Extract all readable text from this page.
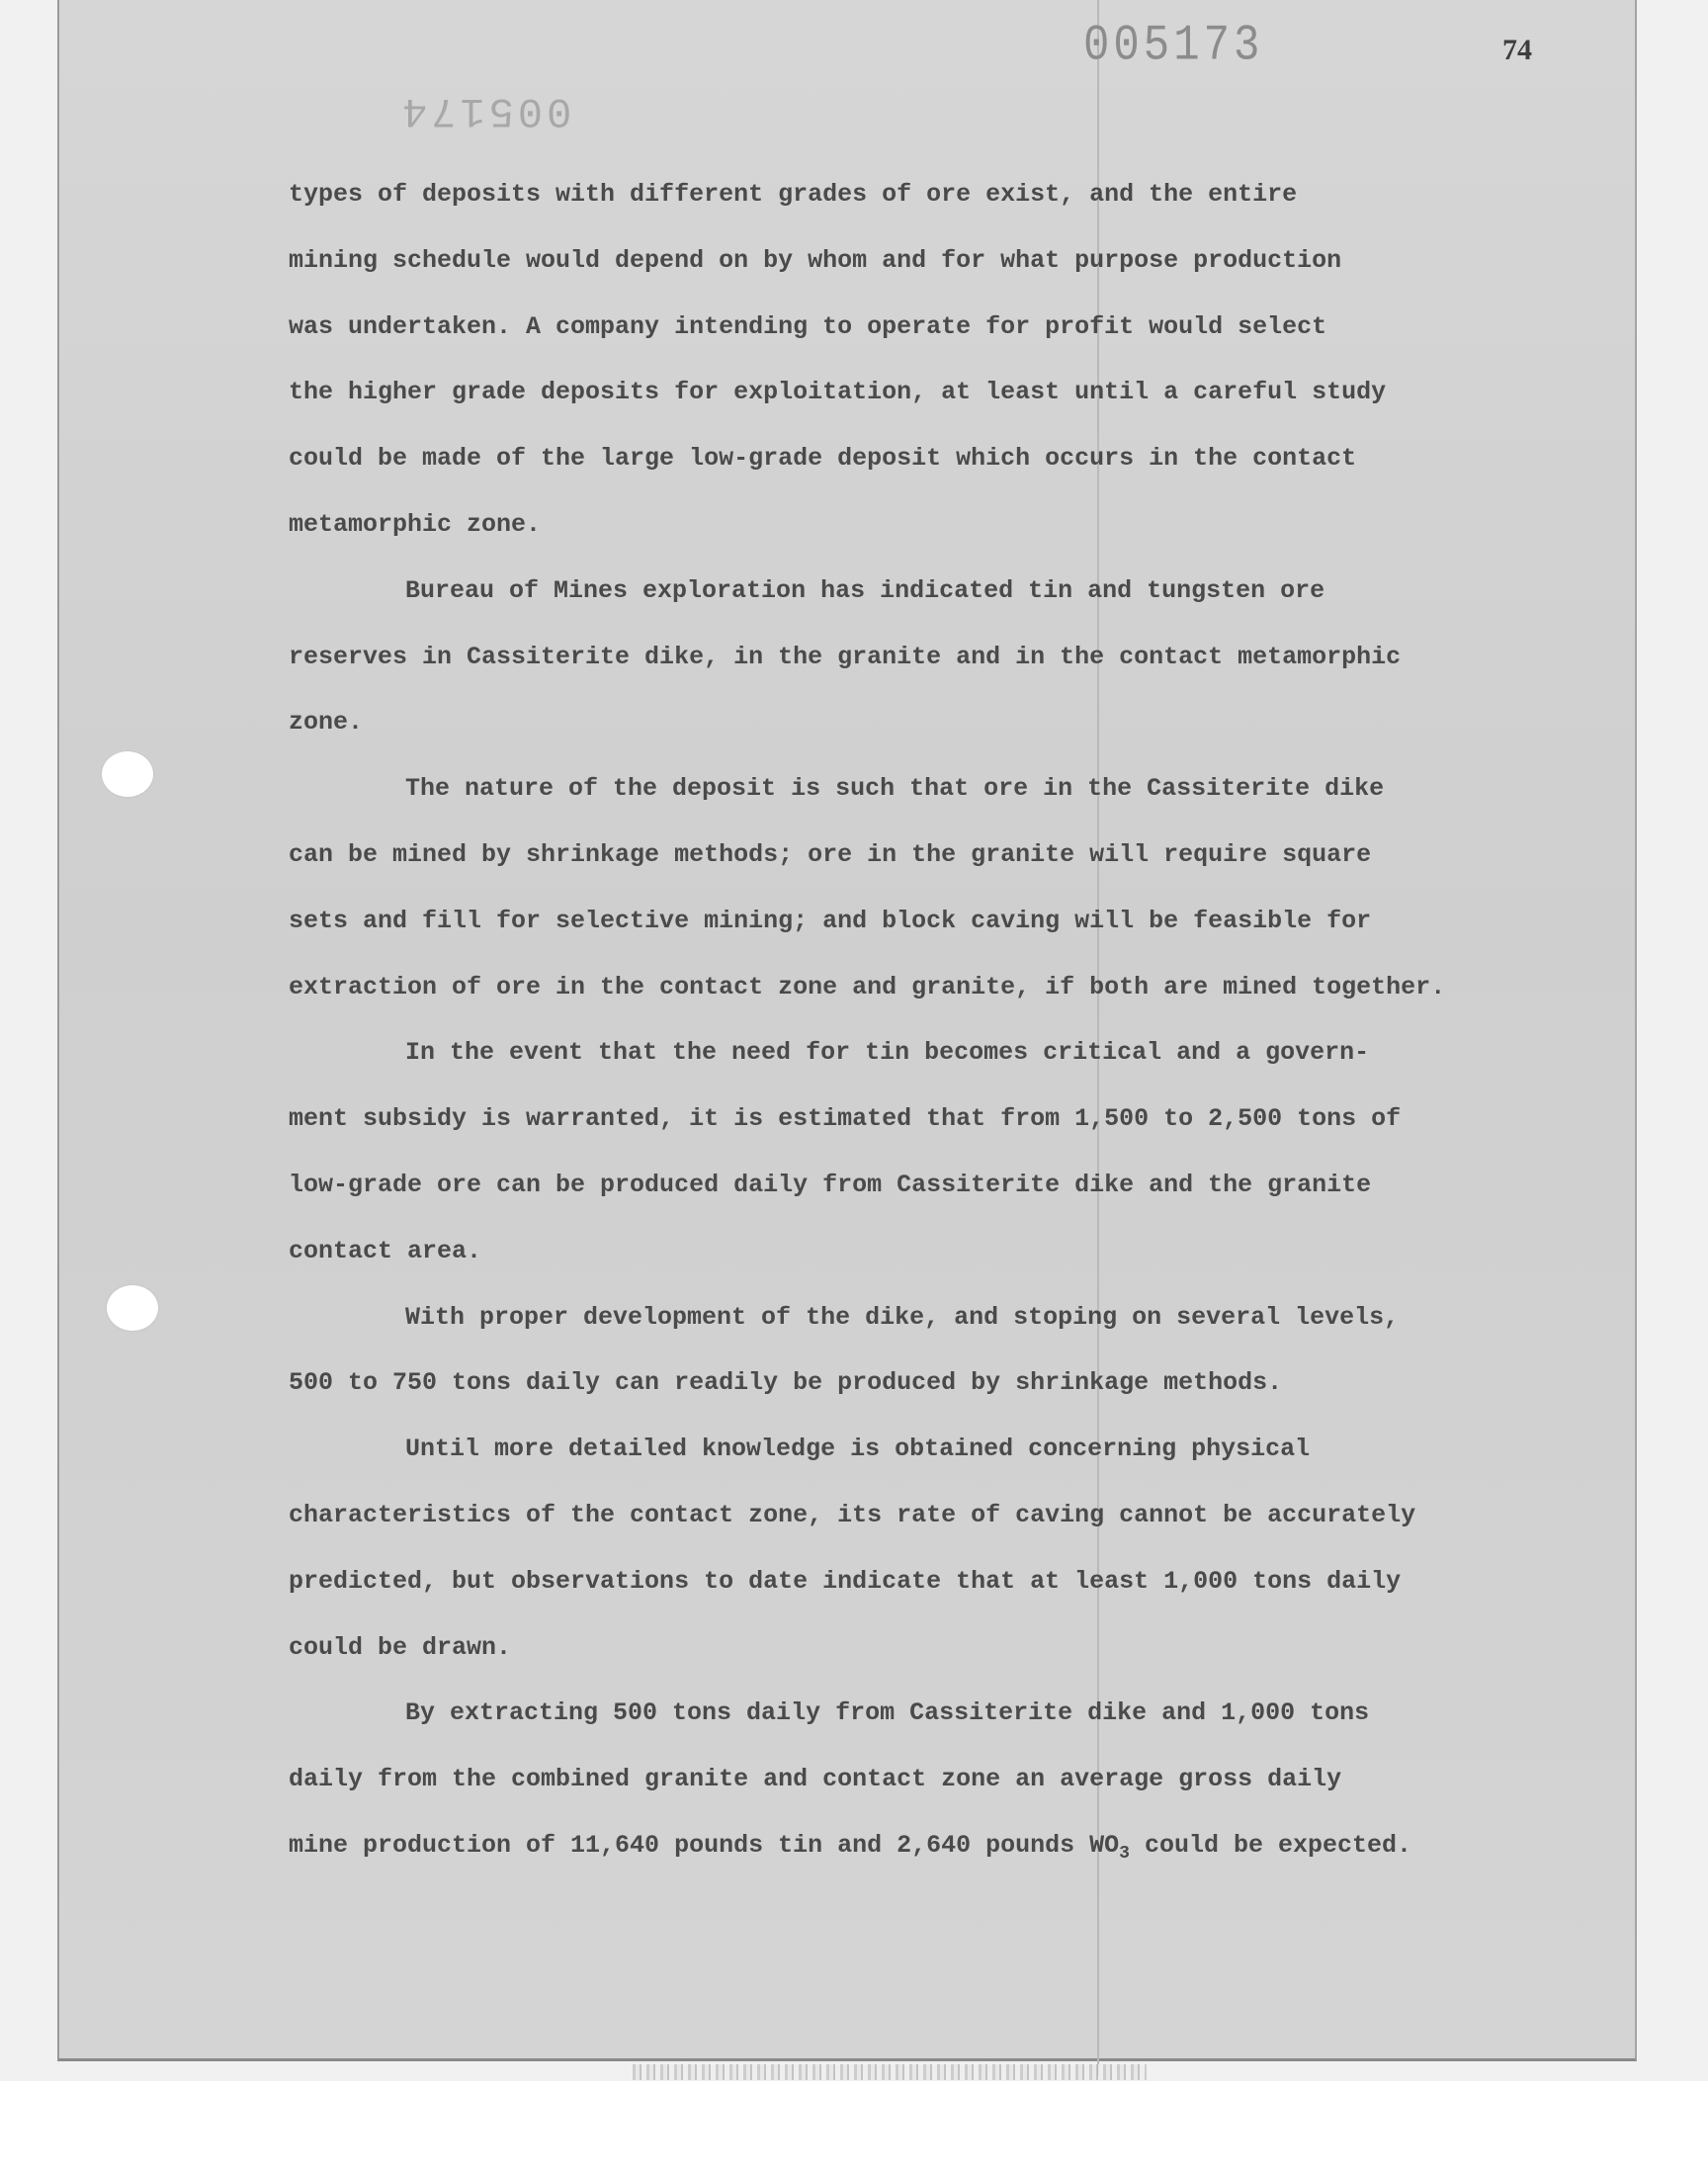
005173
005174
74
types of deposits with different grades of ore exist, and the entire
mining schedule would depend on by whom and for what purpose production
was undertaken. A company intending to operate for profit would select
the higher grade deposits for exploitation, at least until a careful study
could be made of the large low-grade deposit which occurs in the contact
metamorphic zone.
Bureau of Mines exploration has indicated tin and tungsten ore
reserves in Cassiterite dike, in the granite and in the contact metamorphic
zone.
The nature of the deposit is such that ore in the Cassiterite dike
can be mined by shrinkage methods; ore in the granite will require square
sets and fill for selective mining; and block caving will be feasible for
extraction of ore in the contact zone and granite, if both are mined together.
In the event that the need for tin becomes critical and a govern-
ment subsidy is warranted, it is estimated that from 1,500 to 2,500 tons of
low-grade ore can be produced daily from Cassiterite dike and the granite
contact area.
With proper development of the dike, and stoping on several levels,
500 to 750 tons daily can readily be produced by shrinkage methods.
Until more detailed knowledge is obtained concerning physical
characteristics of the contact zone, its rate of caving cannot be accurately
predicted, but observations to date indicate that at least 1,000 tons daily
could be drawn.
By extracting 500 tons daily from Cassiterite dike and 1,000 tons
daily from the combined granite and contact zone an average gross daily
mine production of 11,640 pounds tin and 2,640 pounds $WO_3$ could be expected.
